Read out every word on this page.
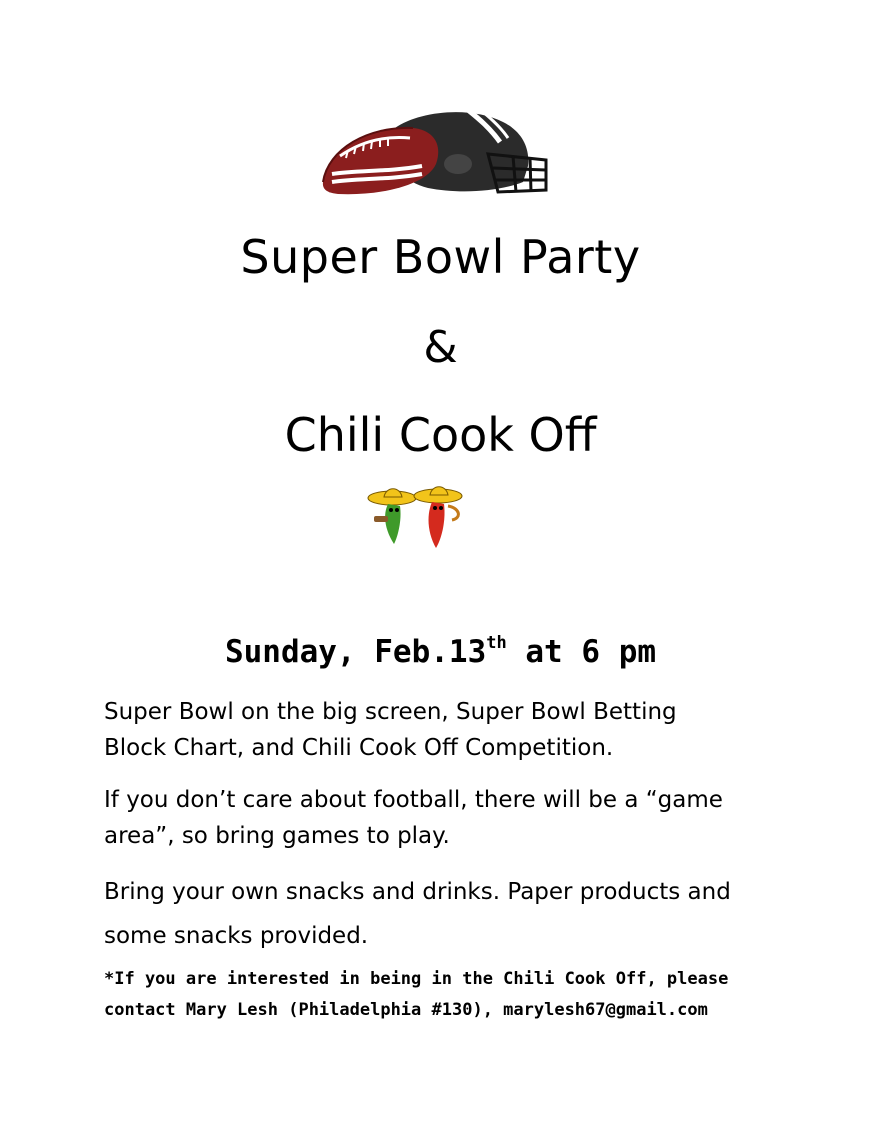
Super Bowl Party
&
Chili Cook Off
Sunday, Feb.13th at 6 pm
Super Bowl on the big screen, Super Bowl Betting
Block Chart, and Chili Cook Off Competition.
If you don’t care about football, there will be a “game
area”, so bring games to play.
Bring your own snacks and drinks. Paper products and
some snacks provided.
*If you are interested in being in the Chili Cook Off, please
contact Mary Lesh (Philadelphia #130), marylesh67@gmail.com
